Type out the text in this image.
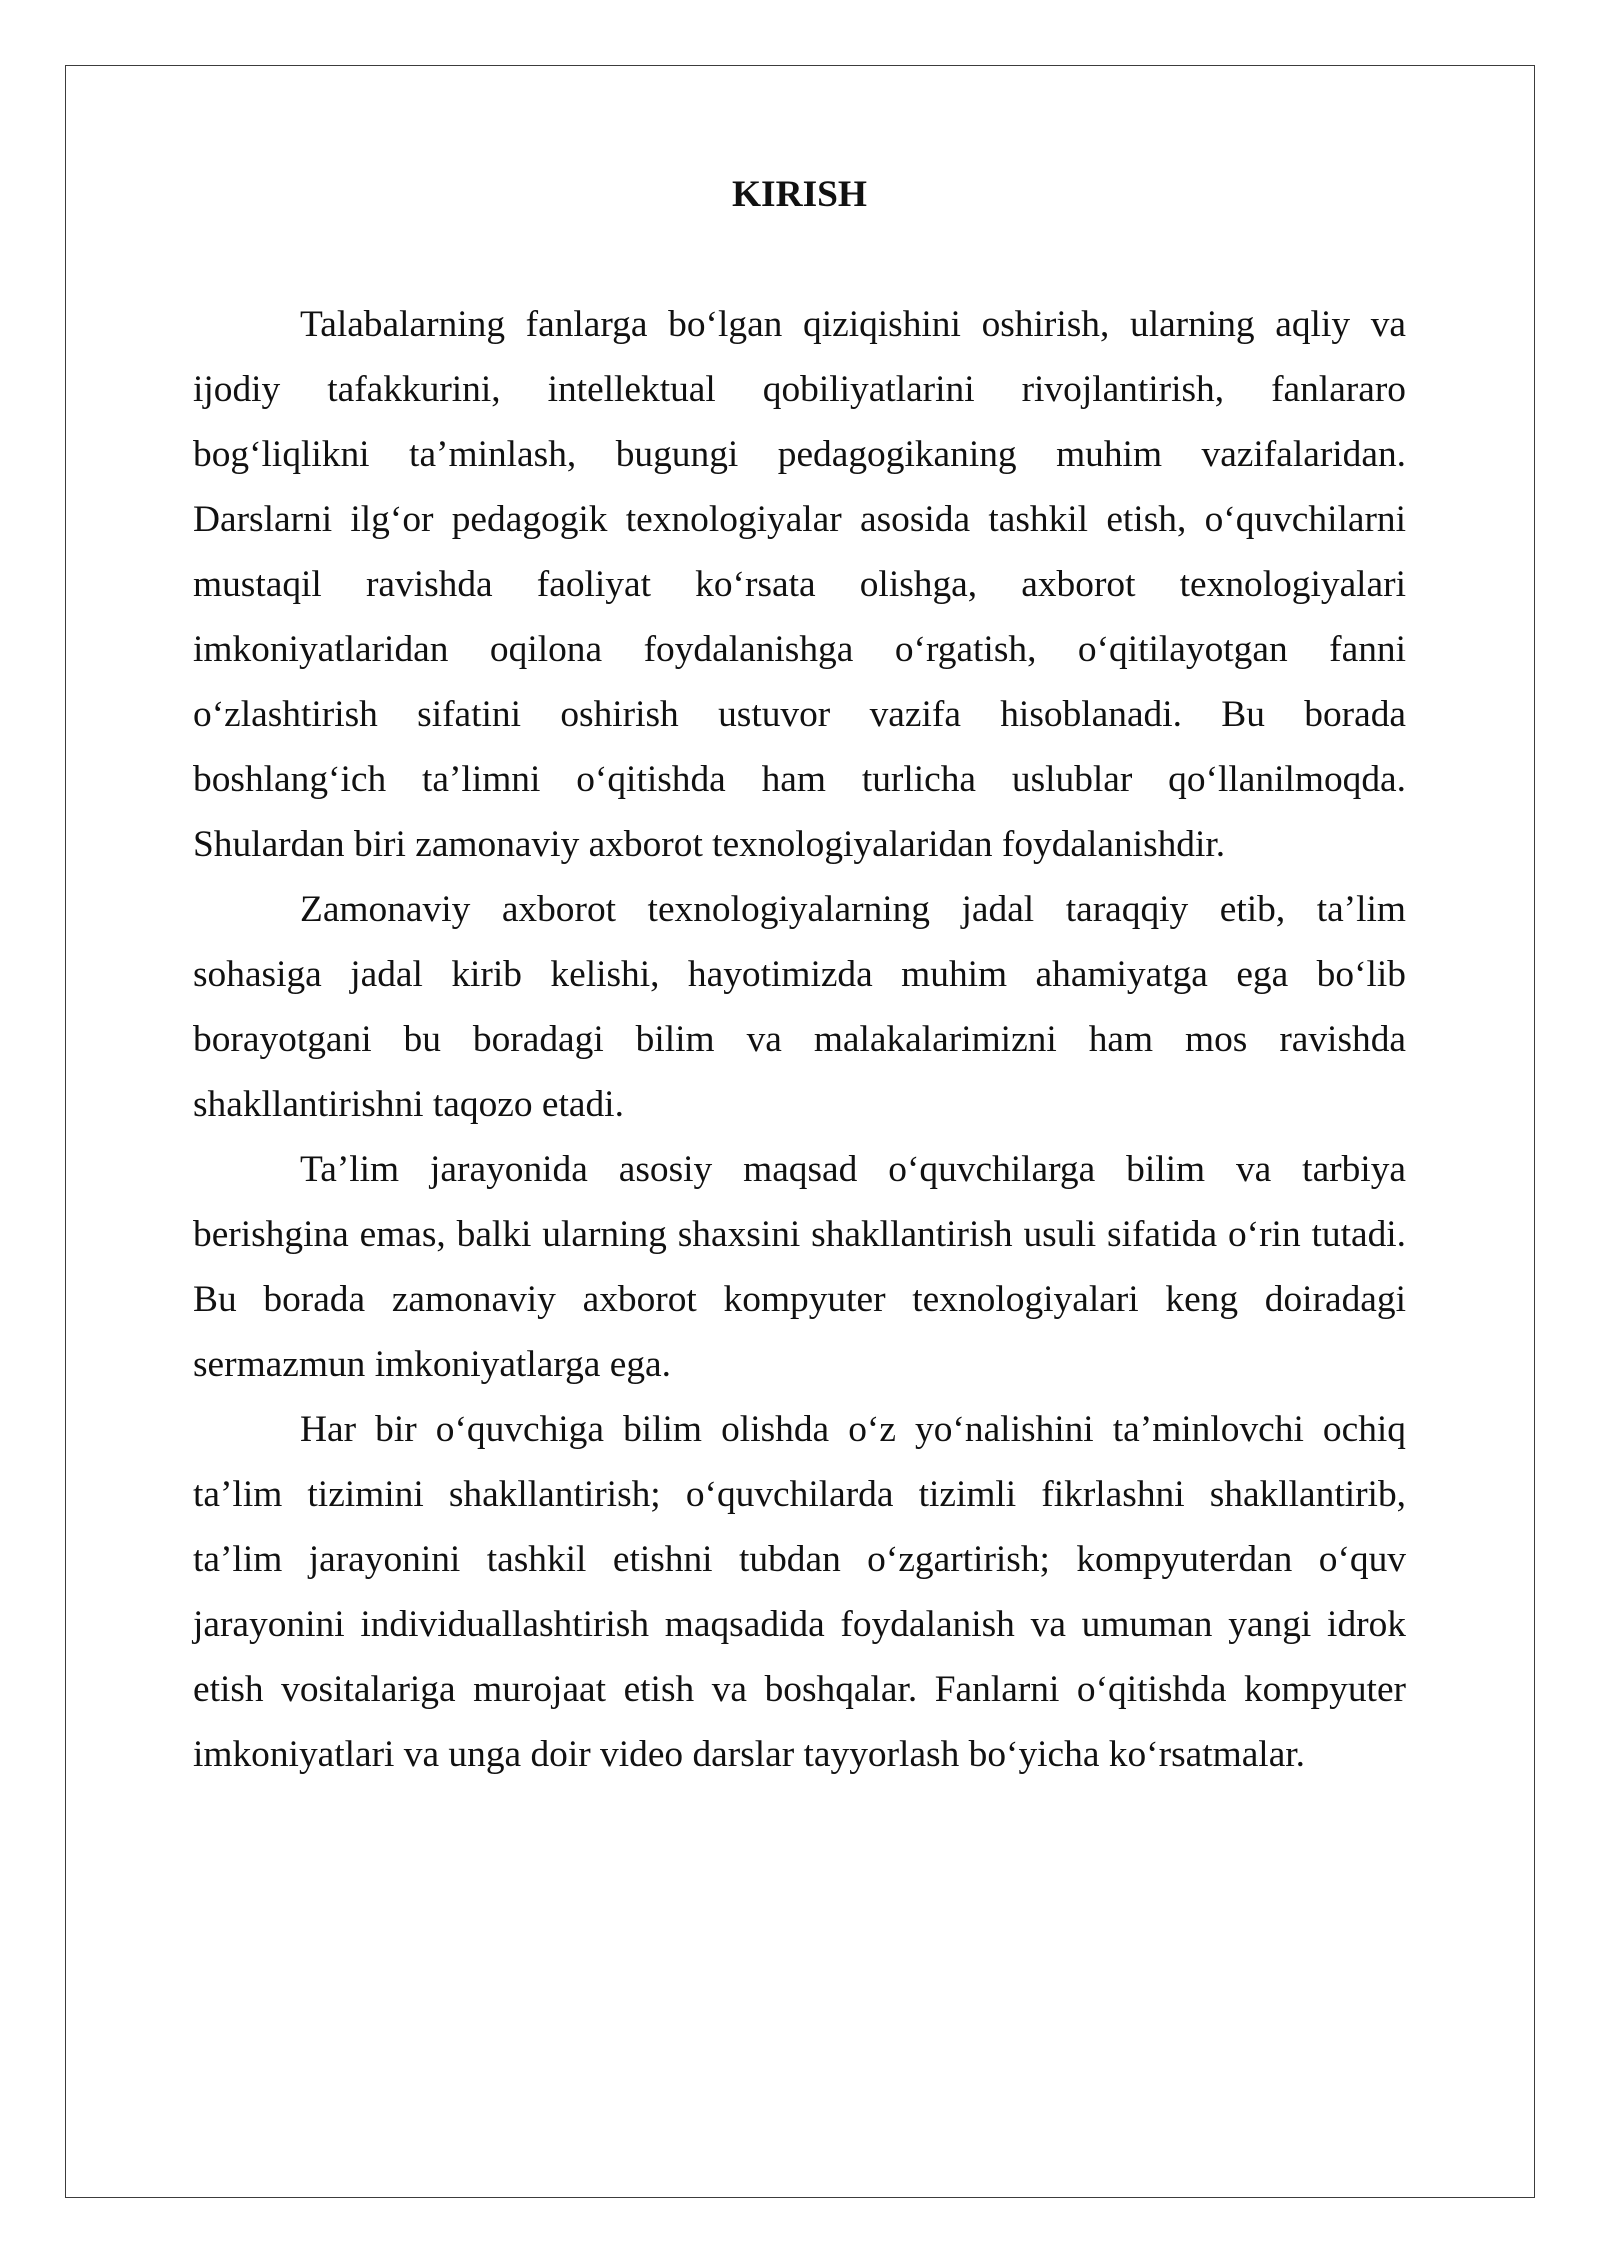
KIRISH
Talabalarning fanlarga bo‘lgan qiziqishini oshirish, ularning aqliy va
ijodiy tafakkurini, intellektual qobiliyatlarini rivojlantirish, fanlararo
bog‘liqlikni ta’minlash, bugungi pedagogikaning muhim vazifalaridan.
Darslarni ilg‘or pedagogik texnologiyalar asosida tashkil etish, o‘quvchilarni
mustaqil ravishda faoliyat ko‘rsata olishga, axborot texnologiyalari
imkoniyatlaridan oqilona foydalanishga o‘rgatish, o‘qitilayotgan fanni
o‘zlashtirish sifatini oshirish ustuvor vazifa hisoblanadi. Bu borada
boshlang‘ich ta’limni o‘qitishda ham turlicha uslublar qo‘llanilmoqda.
Shulardan biri zamonaviy axborot texnologiyalaridan foydalanishdir.
Zamonaviy axborot texnologiyalarning jadal taraqqiy etib, ta’lim
sohasiga jadal kirib kelishi, hayotimizda muhim ahamiyatga ega bo‘lib
borayotgani bu boradagi bilim va malakalarimizni ham mos ravishda
shakllantirishni taqozo etadi.
Ta’lim jarayonida asosiy maqsad o‘quvchilarga bilim va tarbiya
berishgina emas, balki ularning shaxsini shakllantirish usuli sifatida o‘rin tutadi.
Bu borada zamonaviy axborot kompyuter texnologiyalari keng doiradagi
sermazmun imkoniyatlarga ega.
Har bir o‘quvchiga bilim olishda o‘z yo‘nalishini ta’minlovchi ochiq
ta’lim tizimini shakllantirish; o‘quvchilarda tizimli fikrlashni shakllantirib,
ta’lim jarayonini tashkil etishni tubdan o‘zgartirish; kompyuterdan o‘quv
jarayonini individuallashtirish maqsadida foydalanish va umuman yangi idrok
etish vositalariga murojaat etish va boshqalar. Fanlarni o‘qitishda kompyuter
imkoniyatlari va unga doir video darslar tayyorlash bo‘yicha ko‘rsatmalar.
